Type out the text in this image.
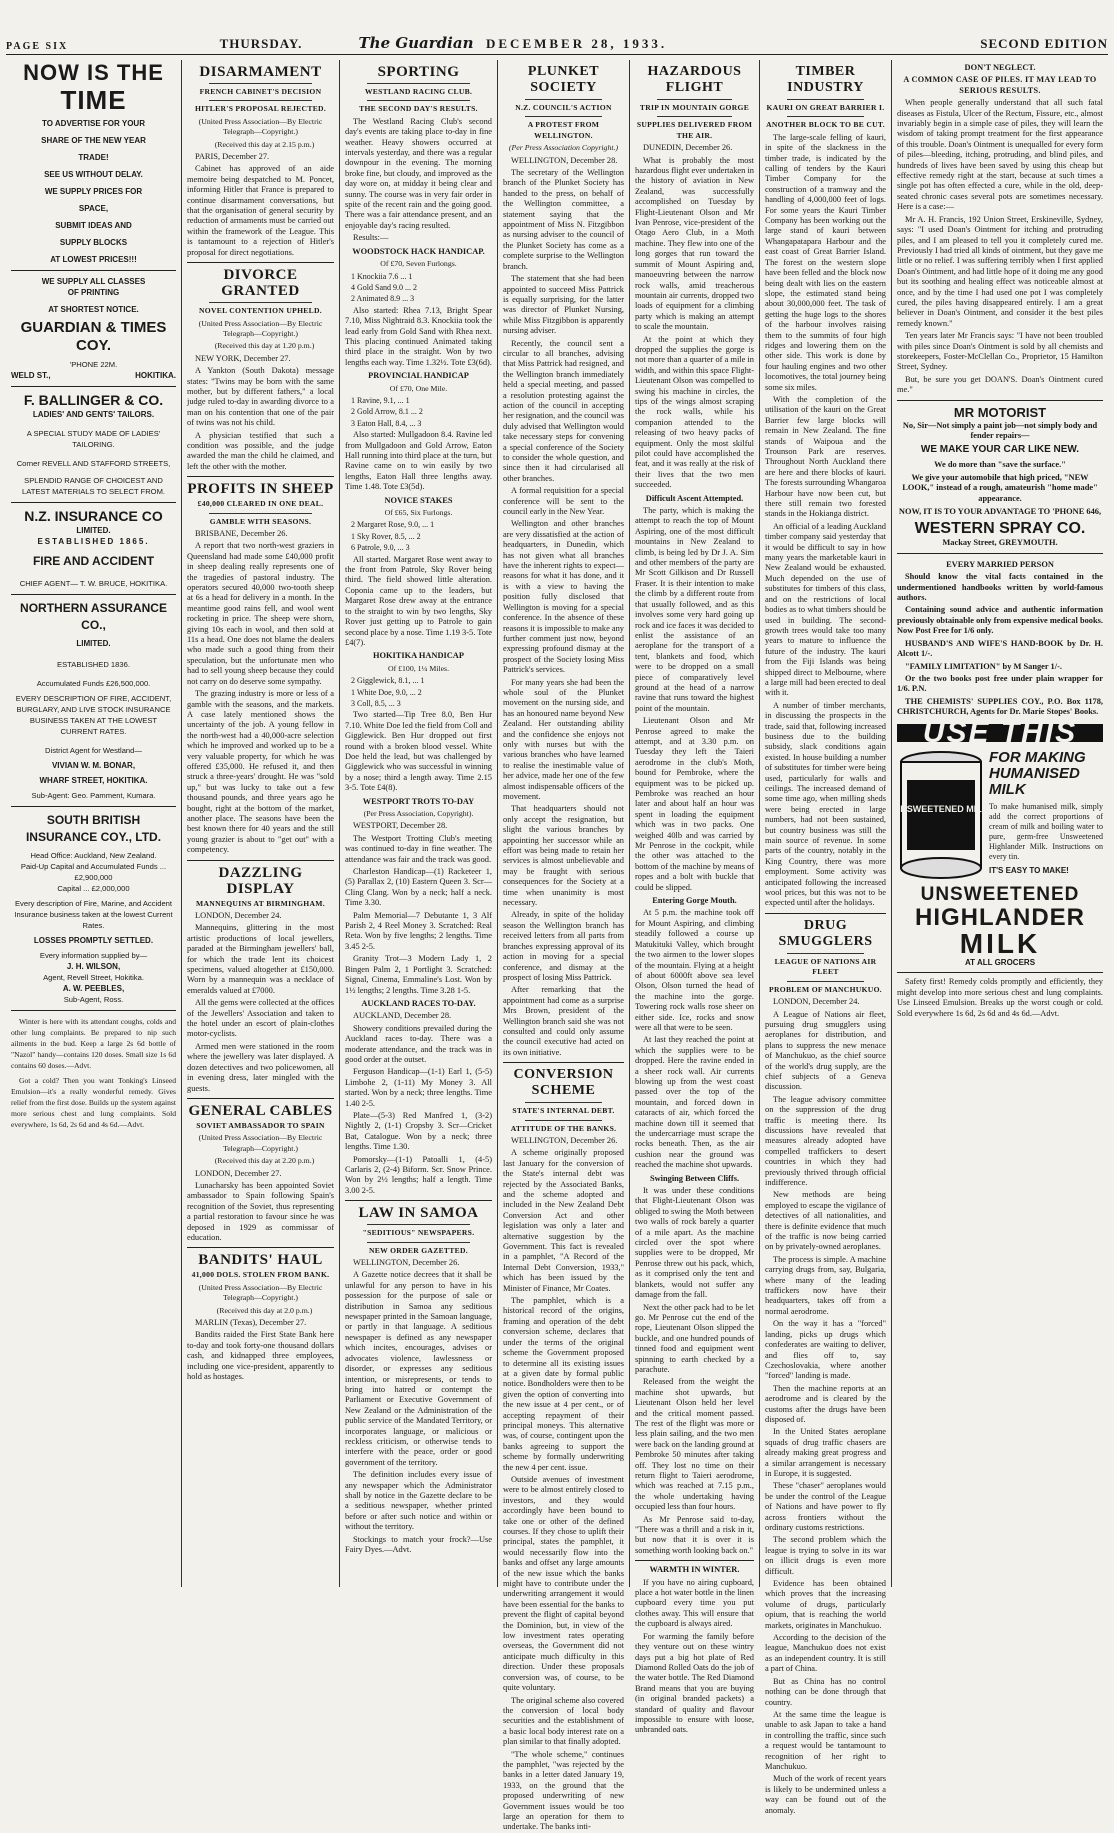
PAGE SIX	THURSDAY.	The Guardian DECEMBER 28, 1933.	SECOND EDITION
NOW IS THE
TIME
TO ADVERTISE FOR YOUR
SHARE OF THE NEW YEAR
TRADE!
SEE US WITHOUT DELAY.
WE SUPPLY PRICES FOR
SPACE,
SUBMIT IDEAS AND
SUPPLY BLOCKS
AT LOWEST PRICES!!!
WE SUPPLY ALL CLASSES
OF PRINTING
AT SHORTEST NOTICE.
GUARDIAN & TIMES COY.
'PHONE 22M.
WELD ST.,	HOKITIKA.
F. BALLINGER & CO.
LADIES' AND GENTS' TAILORS.
A SPECIAL STUDY MADE OF LADIES' TAILORING.
Corner REVELL AND STAFFORD STREETS,
SPLENDID RANGE OF CHOICEST AND LATEST MATERIALS TO SELECT FROM.
N.Z. INSURANCE CO
LIMITED.
ESTABLISHED 1865.
FIRE AND ACCIDENT
CHIEF AGENT— T. W. BRUCE, HOKITIKA.
NORTHERN ASSURANCE CO.,
LIMITED.
ESTABLISHED 1836.
Accumulated Funds £26,500,000.
EVERY DESCRIPTION OF FIRE, ACCIDENT, BURGLARY, AND LIVE STOCK INSURANCE BUSINESS TAKEN AT THE LOWEST CURRENT RATES.
District Agent for Westland—
VIVIAN W. M. BONAR,
WHARF STREET, HOKITIKA.
Sub-Agent: Geo. Pamment, Kumara.
SOUTH BRITISH INSURANCE COY., LTD.
Head Office: Auckland, New Zealand.
Paid-Up Capital and Accumulated Funds ... £2,900,000
Capital ... £2,000,000
Every description of Fire, Marine, and Accident Insurance business taken at the lowest Current Rates.
LOSSES PROMPTLY SETTLED.
Every information supplied by—
J. H. WILSON,
Agent, Revell Street, Hokitika.
A. W. PEEBLES,
Sub-Agent, Ross.

Winter is here with its attendant coughs, colds and other lung complaints. Be prepared to nip such ailments in the bud. Keep a large 2s 6d bottle of "Nazol" handy—contains 120 doses. Small size 1s 6d contains 60 doses.—Advt.

Got a cold? Then you want Tonking's Linseed Emulsion—it's a really wonderful remedy. Gives relief from the first dose. Builds up the system against more serious chest and lung complaints. Sold everywhere, 1s 6d, 2s 6d and 4s 6d.—Advt.

DISARMAMENT
FRENCH CABINET'S DECISION
HITLER'S PROPOSAL REJECTED.
(United Press Association—By Electric Telegraph—Copyright.)

(Received this day at 2.15 p.m.)

PARIS, December 27.

Cabinet has approved of an aide memoire being despatched to M. Poncet, informing Hitler that France is prepared to continue disarmament conversations, but that the organisation of general security by reduction of armaments must be carried out within the framework of the League. This is tantamount to a rejection of Hitler's proposal for direct negotiations.

DIVORCE GRANTED
NOVEL CONTENTION UPHELD.
(United Press Association—By Electric Telegraph—Copyright.)

(Received this day at 1.20 p.m.)

NEW YORK, December 27.

A Yankton (South Dakota) message states: "Twins may be born with the same mother, but by different fathers," a local judge ruled to-day in awarding divorce to a man on his contention that one of the pair of twins was not his child.

A physician testified that such a condition was possible, and the judge awarded the man the child he claimed, and left the other with the mother.

PROFITS IN SHEEP
£40,000 CLEARED IN ONE DEAL.
GAMBLE WITH SEASONS.

BRISBANE, December 26.

A report that two north-west graziers in Queensland had made some £40,000 profit in sheep dealing really represents one of the tragedies of pastoral industry. The operators secured 40,000 two-tooth sheep at 6s a head for delivery in a month. In the meantime good rains fell, and wool went rocketing in price. The sheep were shorn, giving 10s each in wool, and then sold at 11s a head. One does not blame the dealers who made such a good thing from their speculation, but the unfortunate men who had to sell young sheep because they could not carry on do deserve some sympathy.

The grazing industry is more or less of a gamble with the seasons, and the markets. A case lately mentioned shows the uncertainty of the job. A young fellow in the north-west had a 40,000-acre selection which he improved and worked up to be a very valuable property, for which he was offered £35,000. He refused it, and then struck a three-years' drought. He was "sold up," but was lucky to take out a few thousand pounds, and three years ago he bought, right at the bottom of the market, another place. The seasons have been the best known there for 40 years and the still young grazier is about to "get out" with a competency.

DAZZLING DISPLAY
MANNEQUINS AT BIRMINGHAM.

LONDON, December 24.

Mannequins, glittering in the most artistic productions of local jewellers, paraded at the Birmingham jewellers' ball, for which the trade lent its choicest specimens, valued altogether at £150,000. Worn by a mannequin was a necklace of emeralds valued at £7000.

All the gems were collected at the offices of the Jewellers' Association and taken to the hotel under an escort of plain-clothes motor-cyclists.

Armed men were stationed in the room where the jewellery was later displayed. A dozen detectives and two policewomen, all in evening dress, later mingled with the guests.

GENERAL CABLES
SOVIET AMBASSADOR TO SPAIN
(United Press Association—By Electric Telegraph—Copyright.)

(Received this day at 2.20 p.m.)

LONDON, December 27.

Lunacharsky has been appointed Soviet ambassador to Spain following Spain's recognition of the Soviet, thus representing a partial restoration to favour since he was deposed in 1929 as commissar of education.

BANDITS' HAUL
41,000 DOLS. STOLEN FROM BANK.
(United Press Association—By Electric Telegraph—Copyright.)

(Received this day at 2.0 p.m.)

MARLIN (Texas), December 27.

Bandits raided the First State Bank here to-day and took forty-one thousand dollars cash, and kidnapped three employees, including one vice-president, apparently to hold as hostages.

SPORTING
WESTLAND RACING CLUB.
THE SECOND DAY'S RESULTS.

The Westland Racing Club's second day's events are taking place to-day in fine weather. Heavy showers occurred at intervals yesterday, and there was a regular downpour in the evening. The morning broke fine, but cloudy, and improved as the day wore on, at midday it being clear and sunny. The course was in very fair order in spite of the recent rain and the going good. There was a fair attendance present, and an enjoyable day's racing resulted.

Results:—

WOODSTOCK HACK HANDICAP.
Of £70, Seven Furlongs.

1 Knockiia 7.6 ... 1

4 Gold Sand 9.0 ... 2

2 Animated 8.9 ... 3

Also started: Rhea 7.13, Bright Spear 7.10, Miss Nightraid 8.3. Knockiia took the lead early from Gold Sand with Rhea next. This placing continued Animated taking third place in the straight. Won by two lengths each way. Time 1.32½. Tote £3(6d).

PROVINCIAL HANDICAP
Of £70, One Mile.

1 Ravine, 9.1, ... 1

2 Gold Arrow, 8.1 ... 2

3 Eaton Hall, 8.4, ... 3

Also started: Mullgadoon 8.4. Ravine led from Mullgadoon and Gold Arrow, Eaton Hall running into third place at the turn, but Ravine came on to win easily by two lengths, Eaton Hall three lengths away. Time 1.48. Tote £3(5d).

NOVICE STAKES
Of £65, Six Furlongs.

2 Margaret Rose, 9.0, ... 1

1 Sky Rover, 8.5, ... 2

6 Patrole, 9.0, ... 3

All started. Margaret Rose went away to the front from Patrole, Sky Rover being third. The field showed little alteration. Coponia came up to the leaders, but Margaret Rose drew away at the entrance to the straight to win by two lengths, Sky Rover just getting up to Patrole to gain second place by a nose. Time 1.19 3-5. Tote £4(7).

HOKITIKA HANDICAP
Of £100, 1¼ Miles.

2 Gigglewick, 8.1, ... 1

1 White Doe, 9.0, ... 2

3 Coll, 8.5, ... 3

Two started—Tip Tree 8.0, Ben Hur 7.10. White Doe led the field from Coll and Gigglewick. Ben Hur dropped out first round with a broken blood vessel. White Doe held the lead, but was challenged by Gigglewick who was successful in winning by a nose; third a length away. Time 2.15 3-5. Tote £4(8).

WESTPORT TROTS TO-DAY
(Per Press Association, Copyright).

WESTPORT, December 28.

The Westport Trotting Club's meeting was continued to-day in fine weather. The attendance was fair and the track was good.

Charleston Handicap—(1) Racketeer 1, (5) Parallax 2, (10) Eastern Queen 3. Scr—Cling Clang. Won by a neck; half a neck. Time 3.30.

Palm Memorial—7 Debutante 1, 3 Alf Parish 2, 4 Reel Money 3. Scratched: Real Reta. Won by five lengths; 2 lengths. Time 3.45 2-5.

Granity Trot—3 Modern Lady 1, 2 Bingen Palm 2, 1 Portlight 3. Scratched: Signal, Cinema, Emmaline's Lost. Won by 1½ lengths; 2 lengths. Time 3.28 1-5.

AUCKLAND RACES TO-DAY.

AUCKLAND, December 28.

Showery conditions prevailed during the Auckland races to-day. There was a moderate attendance, and the track was in good order at the outset.

Ferguson Handicap—(1-1) Earl 1, (5-5) Limbohe 2, (1-11) My Money 3. All started. Won by a neck; three lengths. Time 1.40 2-5.

Plate—(5-3) Red Manfred 1, (3-2) Nightly 2, (1-1) Cropsby 3. Scr—Cricket Bat, Catalogue. Won by a neck; three lengths. Time 1.30.

Pomorsky—(1-1) Patoalli 1, (4-5) Carlaris 2, (2-4) Biform. Scr. Snow Prince. Won by 2½ lengths; half a length. Time 3.00 2-5.

LAW IN SAMOA
"SEDITIOUS" NEWSPAPERS.
NEW ORDER GAZETTED.

WELLINGTON, December 26.

A Gazette notice decrees that it shall be unlawful for any person to have in his possession for the purpose of sale or distribution in Samoa any seditious newspaper printed in the Samoan language, or partly in that language. A seditious newspaper is defined as any newspaper which incites, encourages, advises or advocates violence, lawlessness or disorder, or expresses any seditious intention, or misrepresents, or tends to bring into hatred or contempt the Parliament or Executive Government of New Zealand or the Administration of the public service of the Mandated Territory, or incorporates language, or malicious or reckless criticism, or otherwise tends to interfere with the peace, order or good government of the territory.

The definition includes every issue of any newspaper which the Administrator shall by notice in the Gazette declare to be a seditious newspaper, whether printed before or after such notice and within or without the territory.

Stockings to match your frock?—Use Fairy Dyes.—Advt.

PLUNKET SOCIETY
N.Z. COUNCIL'S ACTION
A PROTEST FROM WELLINGTON.
(Per Press Association Copyright.)

WELLINGTON, December 28.

The secretary of the Wellington branch of the Plunket Society has handed to the press, on behalf of the Wellington committee, a statement saying that the appointment of Miss N. Fitzgibbon as nursing adviser to the council of the Plunket Society has come as a complete surprise to the Wellington branch.

The statement that she had been appointed to succeed Miss Pattrick is equally surprising, for the latter was director of Plunket Nursing, while Miss Fitzgibbon is apparently nursing adviser.

Recently, the council sent a circular to all branches, advising that Miss Pattrick had resigned, and the Wellington branch immediately held a special meeting, and passed a resolution protesting against the action of the council in accepting her resignation, and the council was duly advised that Wellington would take necessary steps for convening a special conference of the Society to consider the whole question, and since then it had circularised all other branches.

A formal requisition for a special conference will be sent to the council early in the New Year.

Wellington and other branches are very dissatisfied at the action of headquarters, in Dunedin, which has not given what all branches have the inherent rights to expect—reasons for what it has done, and it is with a view to having the position fully disclosed that Wellington is moving for a special conference. In the absence of these reasons it is impossible to make any further comment just now, beyond expressing profound dismay at the prospect of the Society losing Miss Pattrick's services.

For many years she had been the whole soul of the Plunket movement on the nursing side, and has an honoured name beyond New Zealand. Her outstanding ability and the confidence she enjoys not only with nurses but with the various branches who have learned to realise the inestimable value of her advice, made her one of the few almost indispensable officers of the movement.

That headquarters should not only accept the resignation, but slight the various branches by appointing her successor while an effort was being made to retain her services is almost unbelievable and may be fraught with serious consequences for the Society at a time when unanimity is most necessary.

Already, in spite of the holiday season the Wellington branch has received letters from all parts from branches expressing approval of its action in moving for a special conference, and dismay at the prospect of losing Miss Pattrick.

After remarking that the appointment had come as a surprise Mrs Brown, president of the Wellington branch said she was not consulted and could only assume the council executive had acted on its own initiative.

CONVERSION SCHEME
STATE'S INTERNAL DEBT.
ATTITUDE OF THE BANKS.

WELLINGTON, December 26.

A scheme originally proposed last January for the conversion of the State's internal debt was rejected by the Associated Banks, and the scheme adopted and included in the New Zealand Debt Conversion Act and other legislation was only a later and alternative suggestion by the Government. This fact is revealed in a pamphlet, "A Record of the Internal Debt Conversion, 1933," which has been issued by the Minister of Finance, Mr Coates.

The pamphlet, which is a historical record of the origins, framing and operation of the debt conversion scheme, declares that under the terms of the original scheme the Government proposed to determine all its existing issues at a given date by formal public notice. Bondholders were then to be given the option of converting into the new issue at 4 per cent., or of accepting repayment of their principal moneys. This alternative was, of course, contingent upon the banks agreeing to support the scheme by formally underwriting the new 4 per cent. issue.

Outside avenues of investment were to be almost entirely closed to investors, and they would accordingly have been bound to take one or other of the defined courses. If they chose to uplift their principal, states the pamphlet, it would necessarily flow into the banks and offset any large amounts of the new issue which the banks might have to contribute under the underwriting arrangement it would have been essential for the banks to prevent the flight of capital beyond the Dominion, but, in view of the low investment rates operating overseas, the Government did not anticipate much difficulty in this direction. Under these proposals conversion was, of course, to be quite voluntary.

The original scheme also covered the conversion of local body securities and the establishment of a basic local body interest rate on a plan similar to that finally adopted.

"The whole scheme," continues the pamphlet, "was rejected by the banks in a letter dated January 19, 1933, on the ground that the proposed underwriting of new Government issues would be too large an operation for them to undertake. The banks inti-

HAZARDOUS FLIGHT
TRIP IN MOUNTAIN GORGE
SUPPLIES DELIVERED FROM THE AIR.

DUNEDIN, December 26.

What is probably the most hazardous flight ever undertaken in the history of aviation in New Zealand, was successfully accomplished on Tuesday by Flight-Lieutenant Olson and Mr Ivan Penrose, vice-president of the Otago Aero Club, in a Moth machine. They flew into one of the long gorges that run toward the summit of Mount Aspiring and, manoeuvring between the narrow rock walls, amid treacherous mountain air currents, dropped two loads of equipment for a climbing party which is making an attempt to scale the mountain.

At the point at which they dropped the supplies the gorge is not more than a quarter of a mile in width, and within this space Flight-Lieutenant Olson was compelled to swing his machine in circles, the tips of the wings almost scraping the rock walls, while his companion attended to the releasing of two heavy packs of equipment. Only the most skilful pilot could have accomplished the feat, and it was really at the risk of their lives that the two men succeeded.

Difficult Ascent Attempted.

The party, which is making the attempt to reach the top of Mount Aspiring, one of the most difficult mountains in New Zealand to climb, is being led by Dr J. A. Sim and other members of the party are Mr Scott Gilkison and Dr Russell Fraser. It is their intention to make the climb by a different route from that usually followed, and as this involves some very hard going up rock and ice faces it was decided to enlist the assistance of an aeroplane for the transport of a tent, blankets and food, which were to be dropped on a small piece of comparatively level ground at the head of a narrow ravine that runs toward the highest point of the mountain.

Lieutenant Olson and Mr Penrose agreed to make the attempt, and at 3.30 p.m. on Tuesday they left the Taieri aerodrome in the club's Moth, bound for Pembroke, where the equipment was to be picked up. Pembroke was reached an hour later and about half an hour was spent in loading the equipment which was in two packs. One weighed 40lb and was carried by Mr Penrose in the cockpit, while the other was attached to the bottom of the machine by means of ropes and a bolt with buckle that could be slipped.

Entering Gorge Mouth.

At 5 p.m. the machine took off for Mount Aspiring, and climbing steadily followed a course up Matukituki Valley, which brought the two airmen to the lower slopes of the mountain. Flying at a height of about 6000ft above sea level Olson, Olson turned the head of the machine into the gorge. Towering rock walls rose sheer on either side. Ice, rocks and snow were all that were to be seen.

At last they reached the point at which the supplies were to be dropped. Here the ravine ended in a sheer rock wall. Air currents blowing up from the west coast passed over the top of the mountain, and forced down in cataracts of air, which forced the machine down till it seemed that the undercarriage must scrape the rocks beneath. Then, as the air cushion near the ground was reached the machine shot upwards.

Swinging Between Cliffs.

It was under these conditions that Flight-Lieutenant Olson was obliged to swing the Moth between two walls of rock barely a quarter of a mile apart. As the machine circled over the spot where supplies were to be dropped, Mr Penrose threw out his pack, which, as it comprised only the tent and blankets, would not suffer any damage from the fall.

Next the other pack had to be let go. Mr Penrose cut the end of the rope, Lieutenant Olson slipped the buckle, and one hundred pounds of tinned food and equipment went spinning to earth checked by a parachute.

Released from the weight the machine shot upwards, but Lieutenant Olson held her level and the critical moment passed. The rest of the flight was more or less plain sailing, and the two men were back on the landing ground at Pembroke 50 minutes after taking off. They lost no time on their return flight to Taieri aerodrome, which was reached at 7.15 p.m., the whole undertaking having occupied less than four hours.

As Mr Penrose said to-day, "There was a thrill and a risk in it, but now that it is over it is something worth looking back on."

WARMTH IN WINTER.

If you have no airing cupboard, place a hot water bottle in the linen cupboard every time you put clothes away. This will ensure that the cupboard is always aired.

For warming the family before they venture out on these wintry days put a big hot plate of Red Diamond Rolled Oats do the job of the water bottle. The Red Diamond Brand means that you are buying (in original branded packets) a standard of quality and flavour impossible to ensure with loose, unbranded oats.

TIMBER INDUSTRY
KAURI ON GREAT BARRIER I.
ANOTHER BLOCK TO BE CUT.

The large-scale felling of kauri, in spite of the slackness in the timber trade, is indicated by the calling of tenders by the Kauri Timber Company for the construction of a tramway and the handling of 4,000,000 feet of logs. For some years the Kauri Timber Company has been working out the large stand of kauri between Whangapatapara Harbour and the east coast of Great Barrier Island. The forest on the western slope have been felled and the block now being dealt with lies on the eastern slope, the estimated stand being about 30,000,000 feet. The task of getting the huge logs to the shores of the harbour involves raising them to the summits of four high ridges and lowering them on the other side. This work is done by four hauling engines and two other locomotives, the total journey being some six miles.

With the completion of the utilisation of the kauri on the Great Barrier few large blocks will remain in New Zealand. The fine stands of Waipoua and the Trounson Park are reserves. Throughout North Auckland there are here and there blocks of kauri. The forests surrounding Whangaroa Harbour have now been cut, but there still remain two forested stands in the Hokianga district.

An official of a leading Auckland timber company said yesterday that it would be difficult to say in how many years the marketable kauri in New Zealand would be exhausted. Much depended on the use of substitutes for timbers of this class, and on the restrictions of local bodies as to what timbers should be used in building. The second-growth trees would take too many years to mature to influence the future of the industry. The kauri from the Fiji Islands was being shipped direct to Melbourne, where a large mill had been erected to deal with it.

A number of timber merchants, in discussing the prospects in the trade, said that, following increased business due to the building subsidy, slack conditions again existed. In house building a number of substitutes for timber were being used, particularly for walls and ceilings. The increased demand of some time ago, when milling sheds were being erected in large numbers, had not been sustained, but country business was still the main source of revenue. In some parts of the country, notably in the King Country, there was more employment. Some activity was anticipated following the increased wool prices, but this was not to be expected until after the holidays.

DRUG SMUGGLERS
LEAGUE OF NATIONS AIR FLEET
PROBLEM OF MANCHUKUO.

LONDON, December 24.

A League of Nations air fleet, pursuing drug smugglers using aeroplanes for distribution, and plans to suppress the new menace of Manchukuo, as the chief source of the world's drug supply, are the chief subjects of a Geneva discussion.

The league advisory committee on the suppression of the drug traffic is meeting there. Its discussions have revealed that measures already adopted have compelled traffickers to desert countries in which they had previously thrived through official indifference.

New methods are being employed to escape the vigilance of detectives of all nationalities, and there is definite evidence that much of the traffic is now being carried on by privately-owned aeroplanes.

The process is simple. A machine carrying drugs from, say, Bulgaria, where many of the leading traffickers now have their headquarters, takes off from a normal aerodrome.

On the way it has a "forced" landing, picks up drugs which confederates are waiting to deliver, and flies off to, say Czechoslovakia, where another "forced" landing is made.

Then the machine reports at an aerodrome and is cleared by the customs after the drugs have been disposed of.

In the United States aeroplane squads of drug traffic chasers are already making great progress and a similar arrangement is necessary in Europe, it is suggested.

These "chaser" aeroplanes would be under the control of the League of Nations and have power to fly across frontiers without the ordinary customs restrictions.

The second problem which the league is trying to solve in its war on illicit drugs is even more difficult.

Evidence has been obtained which proves that the increasing volume of drugs, particularly opium, that is reaching the world markets, originates in Manchukuo.

According to the decision of the league, Manchukuo does not exist as an independent country. It is still a part of China.

But as China has no control nothing can be done through that country.

At the same time the league is unable to ask Japan to take a hand in controlling the traffic, since such a request would be tantamount to recognition of her right to Manchukuo.

Much of the work of recent years is likely to be undermined unless a way can be found out of the anomaly.

DON'T NEGLECT.
A COMMON CASE OF PILES. IT MAY LEAD TO SERIOUS RESULTS.

When people generally understand that all such fatal diseases as Fistula, Ulcer of the Rectum, Fissure, etc., almost invariably begin in a simple case of piles, they will learn the wisdom of taking prompt treatment for the first appearance of this trouble. Doan's Ointment is unequalled for every form of piles—bleeding, itching, protruding, and blind piles, and hundreds of lives have been saved by using this cheap but effective remedy right at the start, because at such times a single pot has often effected a cure, while in the old, deep-seated chronic cases several pots are sometimes necessary. Here is a case:—

Mr A. H. Francis, 192 Union Street, Erskineville, Sydney, says: "I used Doan's Ointment for itching and protruding piles, and I am pleased to tell you it completely cured me. Previously I had tried all kinds of ointment, but they gave me little or no relief. I was suffering terribly when I first applied Doan's Ointment, and had little hope of it doing me any good but its soothing and healing effect was noticeable almost at once, and by the time I had used one pot I was completely cured, the piles having disappeared entirely. I am a great believer in Doan's Ointment, and consider it the best piles remedy known."

Ten years later Mr Francis says: "I have not been troubled with piles since Doan's Ointment is sold by all chemists and storekeepers, Foster-McClellan Co., Proprietor, 15 Hamilton Street, Sydney.

But, be sure you get DOAN'S. Doan's Ointment cured me."

MR MOTORIST

No, Sir—Not simply a paint job—not simply body and fender repairs—

WE MAKE YOUR CAR LIKE NEW.

We do more than "save the surface."

We give your automobile that high priced, "NEW LOOK," instead of a rough, amateurish "home made" appearance.

NOW, IT IS TO YOUR ADVANTAGE TO 'PHONE 646,

WESTERN SPRAY CO.

Mackay Street, GREYMOUTH.

EVERY MARRIED PERSON

Should know the vital facts contained in the undermentioned handbooks written by world-famous authors.

Containing sound advice and authentic information previously obtainable only from expensive medical books. Now Post Free for 1/6 only.

HUSBAND'S AND WIFE'S HAND-BOOK by Dr. H. Alcott 1/-.

"FAMILY LIMITATION" by M Sanger 1/-.

Or the two books post free under plain wrapper for 1/6. P.N.

THE CHEMISTS' SUPPLIES COY., P.O. Box 1178, CHRISTCHURCH, Agents for Dr. Marie Stopes' Books.

USE THIS
UNSWEETENED MILK
FOR MAKING HUMANISED MILK

To make humanised milk, simply add the correct proportions of cream of milk and boiling water to pure, germ-free Unsweetened Highlander Milk. Instructions on every tin.

IT'S EASY TO MAKE!
UNSWEETENED
HIGHLANDER
MILK
AT ALL GROCERS

Safety first! Remedy colds promptly and efficiently, they might develop into more serious chest and lung complaints. Use Linseed Emulsion. Breaks up the worst cough or cold. Sold everywhere 1s 6d, 2s 6d and 4s 6d.—Advt.
